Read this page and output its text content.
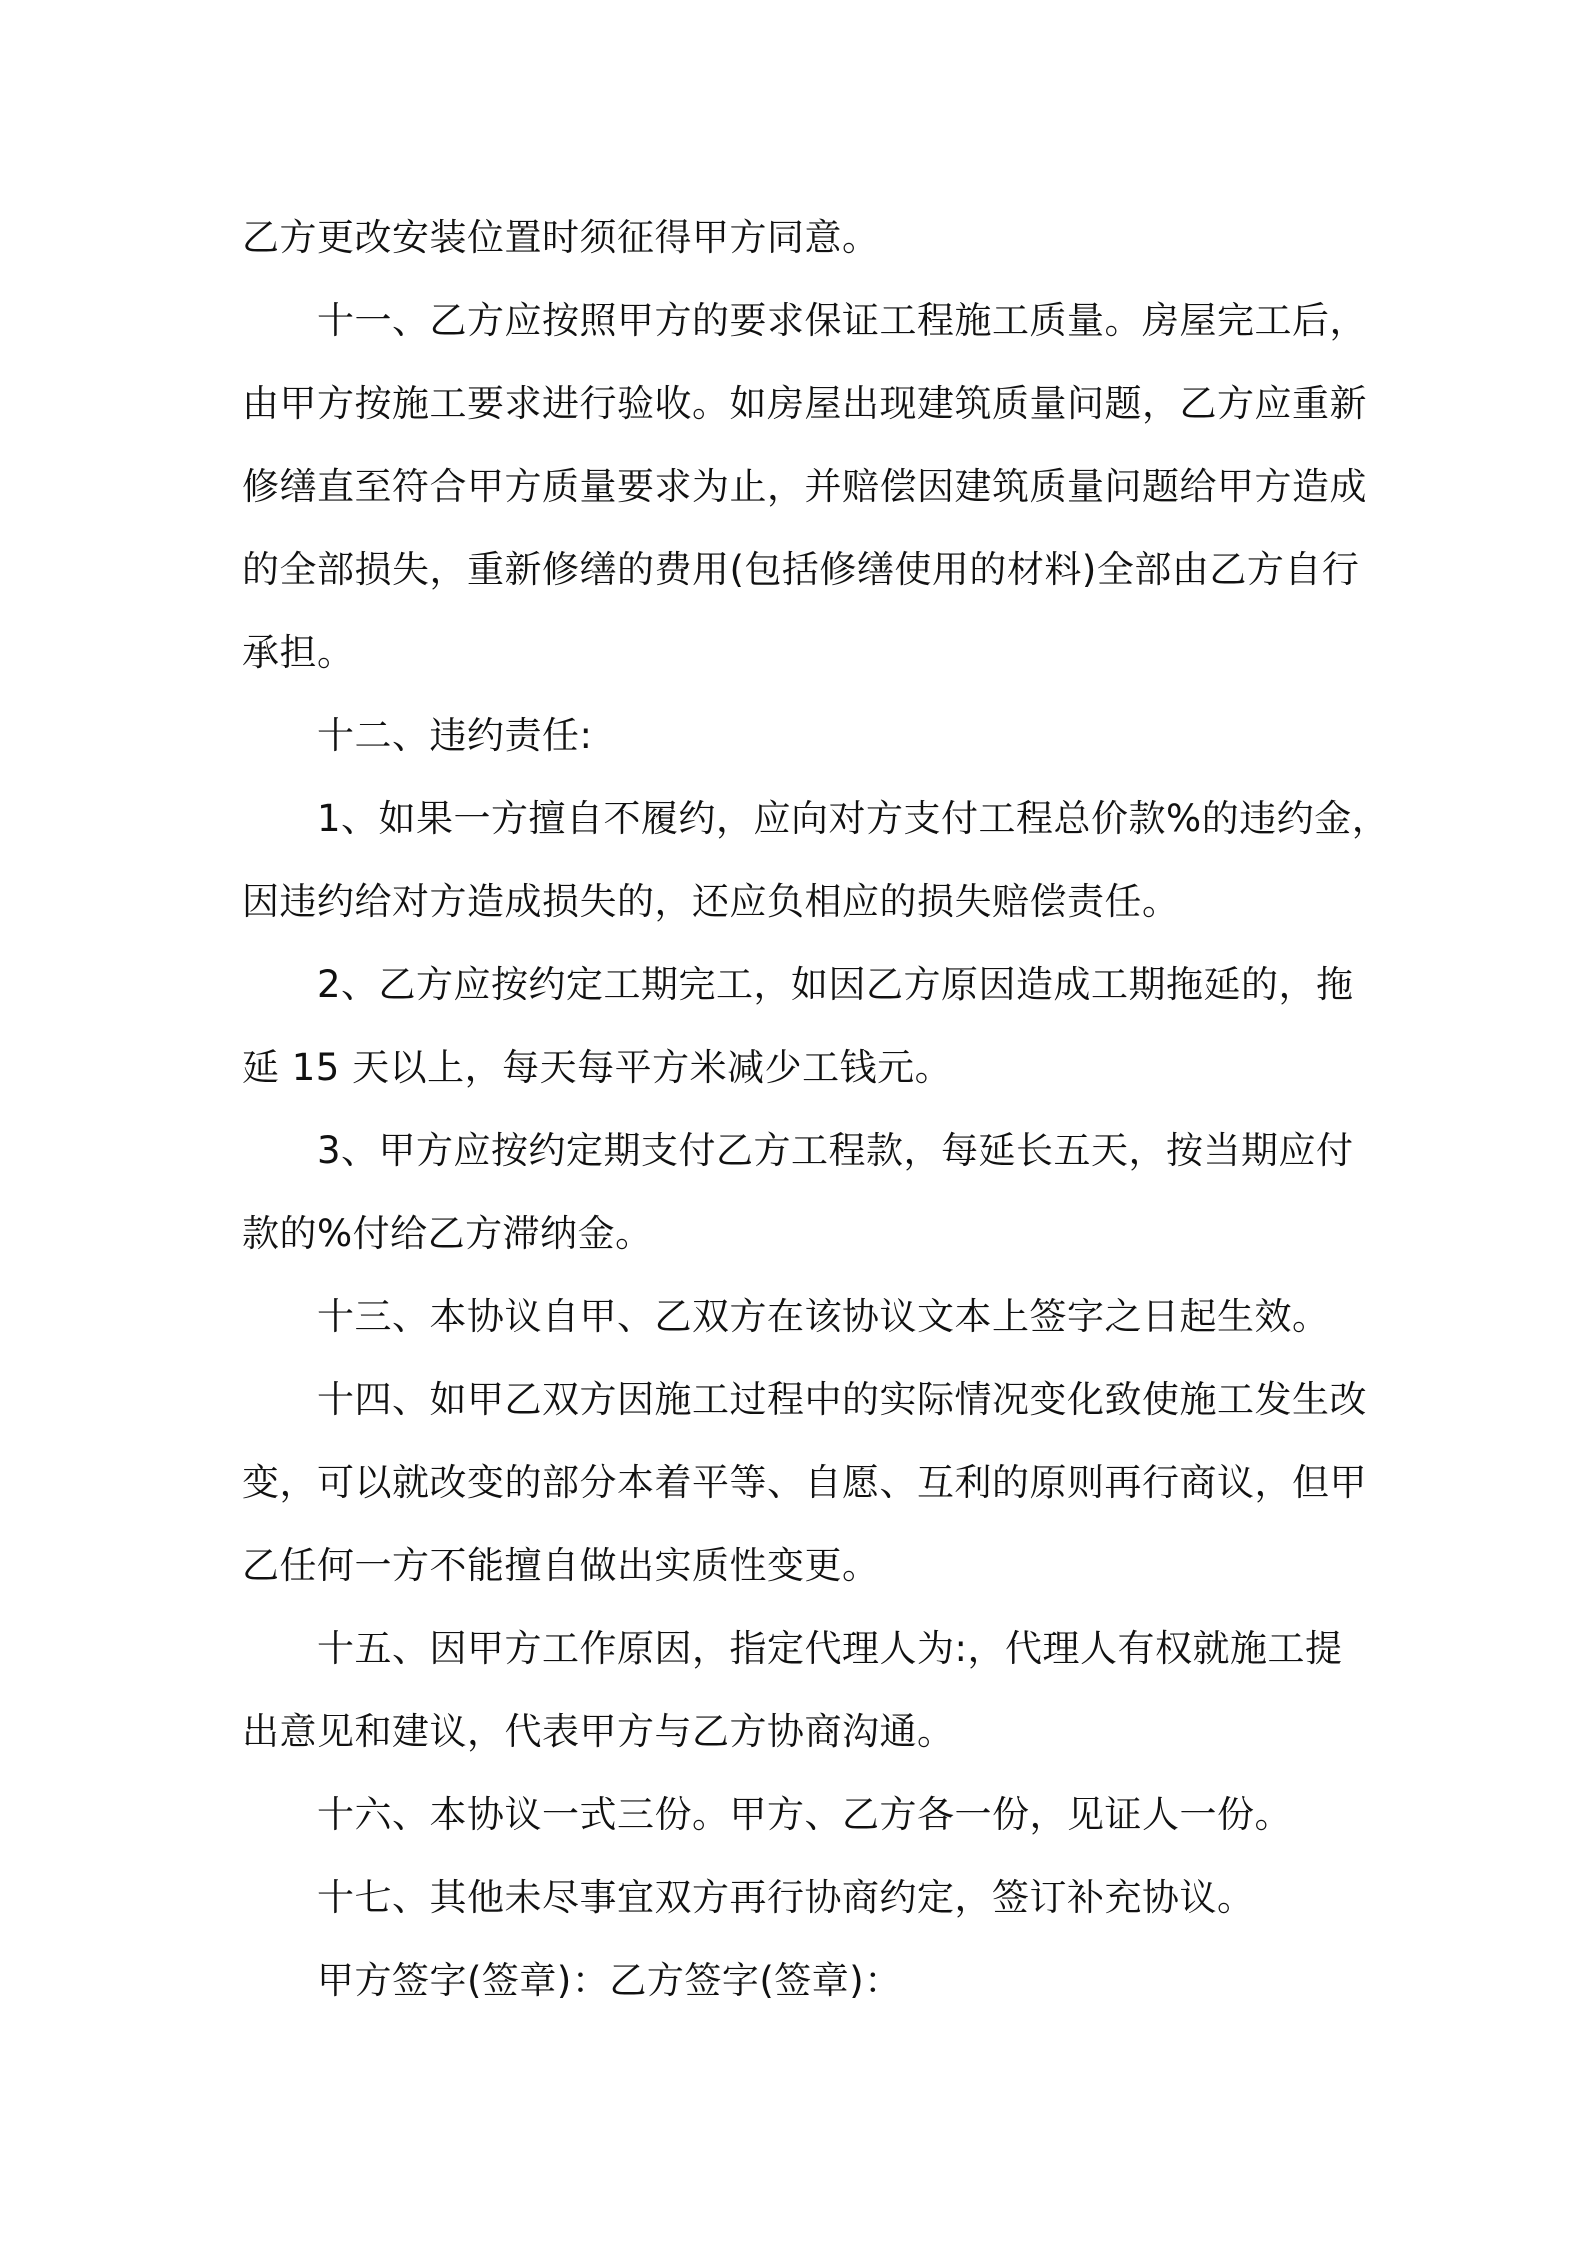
乙方更改安装位置时须征得甲方同意。
十一、乙方应按照甲方的要求保证工程施工质量。房屋完工后，
由甲方按施工要求进行验收。如房屋出现建筑质量问题，乙方应重新
修缮直至符合甲方质量要求为止，并赔偿因建筑质量问题给甲方造成
的全部损失，重新修缮的费用(包括修缮使用的材料)全部由乙方自行
承担。
十二、违约责任:
1、如果一方擅自不履约，应向对方支付工程总价款%的违约金，
因违约给对方造成损失的，还应负相应的损失赔偿责任。
2、乙方应按约定工期完工，如因乙方原因造成工期拖延的，拖
延 15 天以上，每天每平方米减少工钱元。
3、甲方应按约定期支付乙方工程款，每延长五天，按当期应付
款的%付给乙方滞纳金。
十三、本协议自甲、乙双方在该协议文本上签字之日起生效。
十四、如甲乙双方因施工过程中的实际情况变化致使施工发生改
变，可以就改变的部分本着平等、自愿、互利的原则再行商议，但甲
乙任何一方不能擅自做出实质性变更。
十五、因甲方工作原因，指定代理人为:，代理人有权就施工提
出意见和建议，代表甲方与乙方协商沟通。
十六、本协议一式三份。甲方、乙方各一份，见证人一份。
十七、其他未尽事宜双方再行协商约定，签订补充协议。
甲方签字(签章)：乙方签字(签章)：
